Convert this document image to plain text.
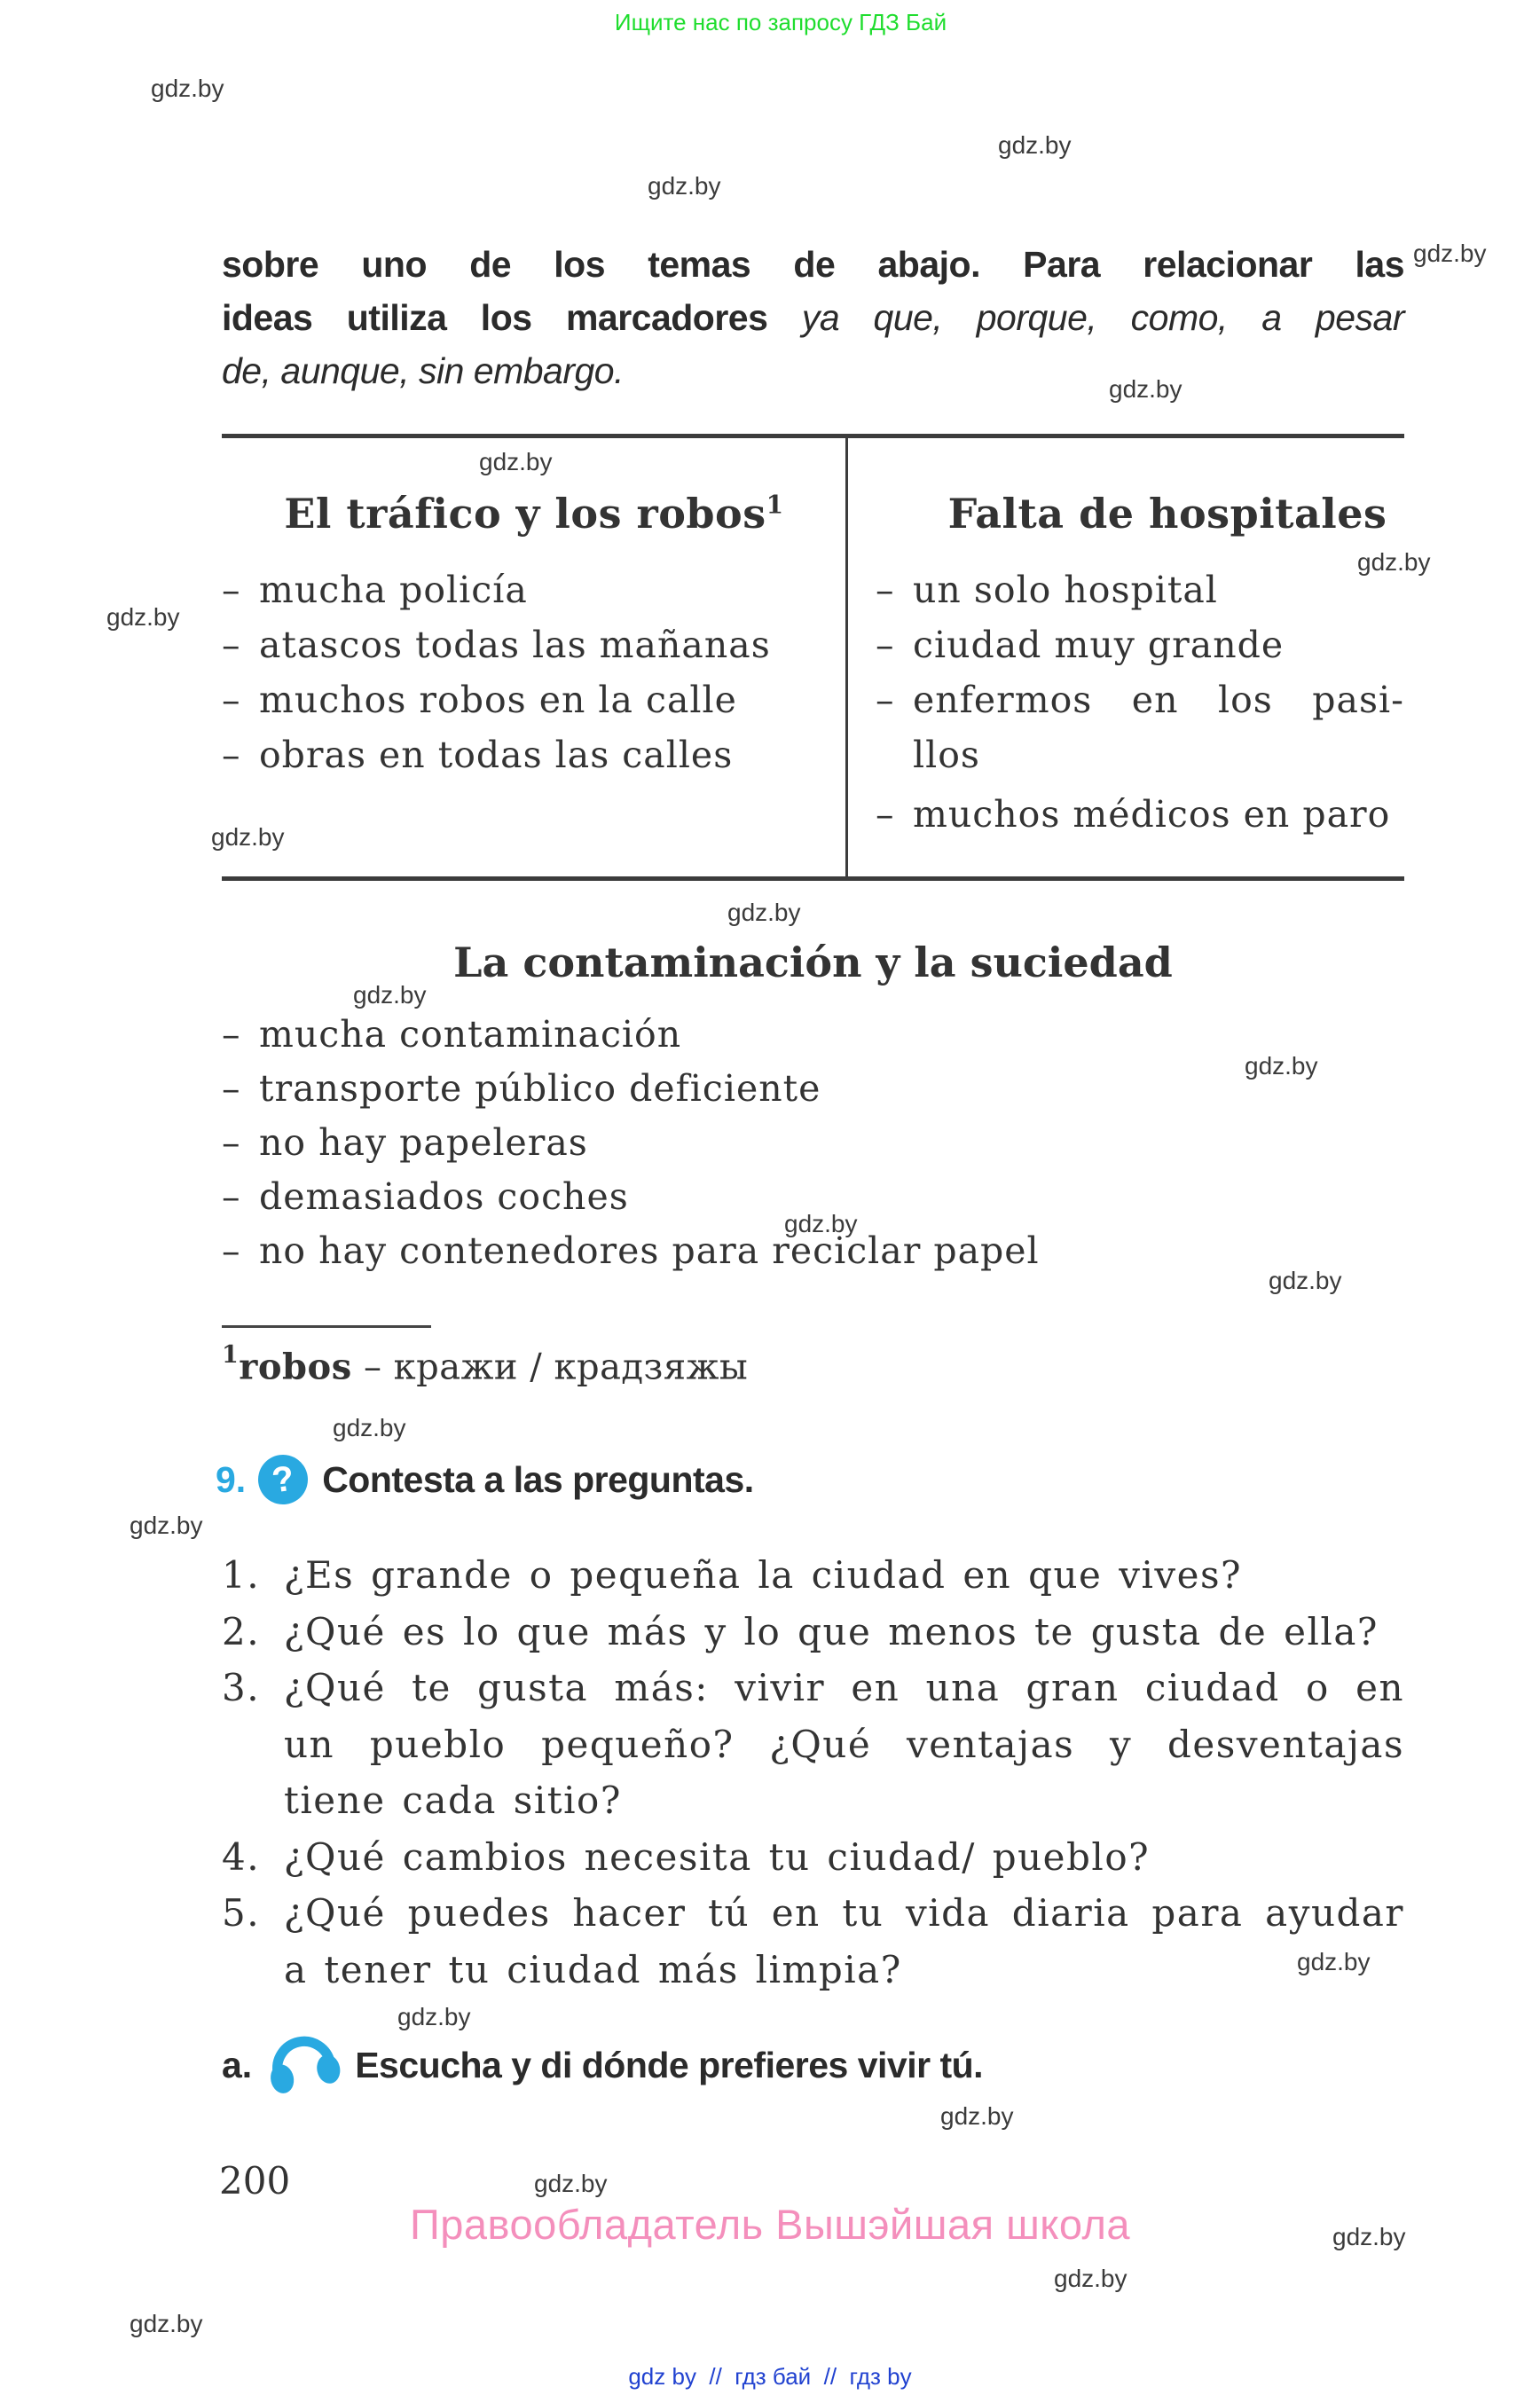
Ищите нас по запросу ГДЗ Бай
gdz.by
gdz.by
gdz.by
gdz.by
gdz.by
gdz.by
gdz.by
gdz.by
gdz.by
gdz.by
gdz.by
gdz.by
gdz.by
gdz.by
gdz.by
gdz.by
gdz.by
gdz.by
gdz.by
gdz.by
gdz.by
gdz.by
gdz.by
sobre uno de los temas de abajo. Para relacionar las
ideas utiliza los marcadores ya que, porque, como, a pesar
de, aunque, sin embargo.
El tráfico y los robos$^1$	Falta de hospitales
– mucha policía
– atascos todas las mañanas
– muchos robos en la calle
– obras en todas las calles
– un solo hospital
– ciudad muy grande
– enfermos en los pasi-
llos
– muchos médicos en paro
La contaminación y la suciedad
– mucha contaminación
– transporte público deficiente
– no hay papeleras
– demasiados coches
– no hay contenedores para reciclar papel
$^1$robos – кражи / крадзяжы
9. ? Contesta a las preguntas.
1. ¿Es grande o pequeña la ciudad en que vives?
2. ¿Qué es lo que más y lo que menos te gusta de ella?
3. ¿Qué te gusta más: vivir en una gran ciudad o en
un pueblo pequeño? ¿Qué ventajas y desventajas
tiene cada sitio?
4. ¿Qué cambios necesita tu ciudad/ pueblo?
5. ¿Qué puedes hacer tú en tu vida diaria para ayudar
a tener tu ciudad más limpia?
a.	Escucha y di dónde prefieres vivir tú.
200
Правообладатель Вышэйшая школа
gdz by  //  гдз бай  //  гдз by
